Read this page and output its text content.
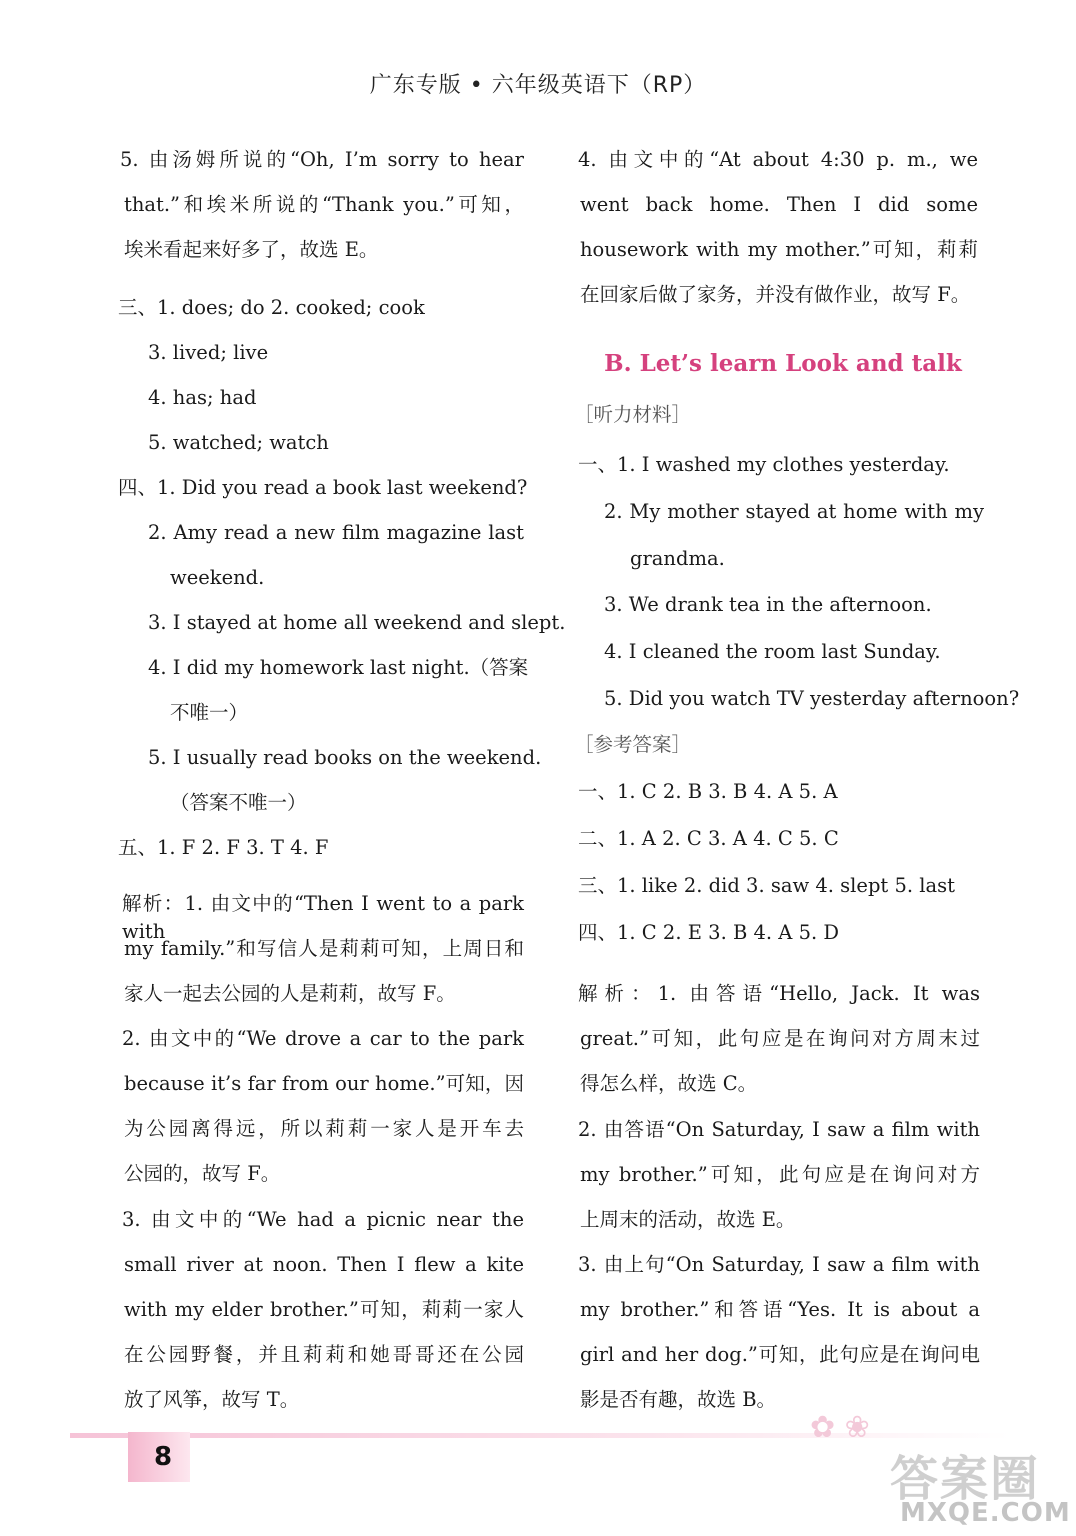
广东专版 • 六年级英语下（RP）
5. 由汤姆所说的“Oh, I’m sorry to hear
that.”和埃米所说的“Thank you.”可知，
埃米看起来好多了，故选 E。
三、1. does; do 2. cooked; cook
3. lived; live
4. has; had
5. watched; watch
四、1. Did you read a book last weekend?
2. Amy read a new film magazine last
weekend.
3. I stayed at home all weekend and slept.
4. I did my homework last night.（答案
不唯一）
5. I usually read books on the weekend.
（答案不唯一）
五、1. F 2. F 3. T 4. F
解析：1. 由文中的“Then I went to a park with
my family.”和写信人是莉莉可知，上周日和
家人一起去公园的人是莉莉，故写 F。
2. 由文中的“We drove a car to the park
because it’s far from our home.”可知，因
为公园离得远，所以莉莉一家人是开车去
公园的，故写 F。
3. 由文中的“We had a picnic near the
small river at noon. Then I flew a kite
with my elder brother.”可知，莉莉一家人
在公园野餐，并且莉莉和她哥哥还在公园
放了风筝，故写 T。
4. 由文中的“At about 4:30 p. m., we
went back home. Then I did some
housework with my mother.”可知，莉莉
在回家后做了家务，并没有做作业，故写 F。
B. Let’s learn Look and talk
［听力材料］
一、1. I washed my clothes yesterday.
2. My mother stayed at home with my
grandma.
3. We drank tea in the afternoon.
4. I cleaned the room last Sunday.
5. Did you watch TV yesterday afternoon?
［参考答案］
一、1. C 2. B 3. B 4. A 5. A
二、1. A 2. C 3. A 4. C 5. C
三、1. like 2. did 3. saw 4. slept 5. last
四、1. C 2. E 3. B 4. A 5. D
解析：1. 由答语“Hello, Jack. It was
great.”可知，此句应是在询问对方周末过
得怎么样，故选 C。
2. 由答语“On Saturday, I saw a film with
my brother.”可知，此句应是在询问对方
上周末的活动，故选 E。
3. 由上句“On Saturday, I saw a film with
my brother.”和答语“Yes. It is about a
girl and her dog.”可知，此句应是在询问电
影是否有趣，故选 B。
✿ ❀
8	答案圈
MXQE.COM
